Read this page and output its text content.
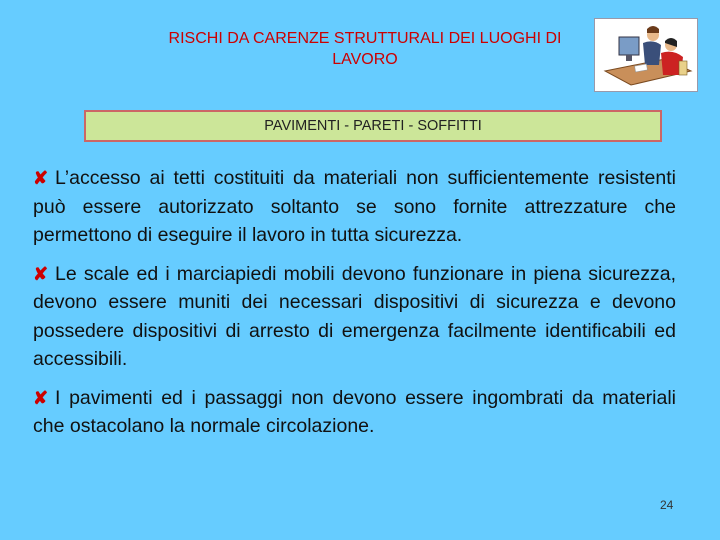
RISCHI DA CARENZE STRUTTURALI DEI LUOGHI DI LAVORO
PAVIMENTI - PARETI - SOFFITTI

✘ L’accesso ai tetti costituiti da materiali non sufficientemente resistenti può essere autorizzato soltanto se sono fornite attrezzature che permettono di eseguire il lavoro in tutta sicurezza.

✘ Le scale ed i marciapiedi mobili devono funzionare in piena sicurezza, devono essere muniti dei necessari dispositivi di sicurezza e devono possedere dispositivi di arresto di emergenza facilmente identificabili ed accessibili.

✘ I pavimenti ed i passaggi non devono essere ingombrati da materiali che ostacolano la normale circolazione.

24
